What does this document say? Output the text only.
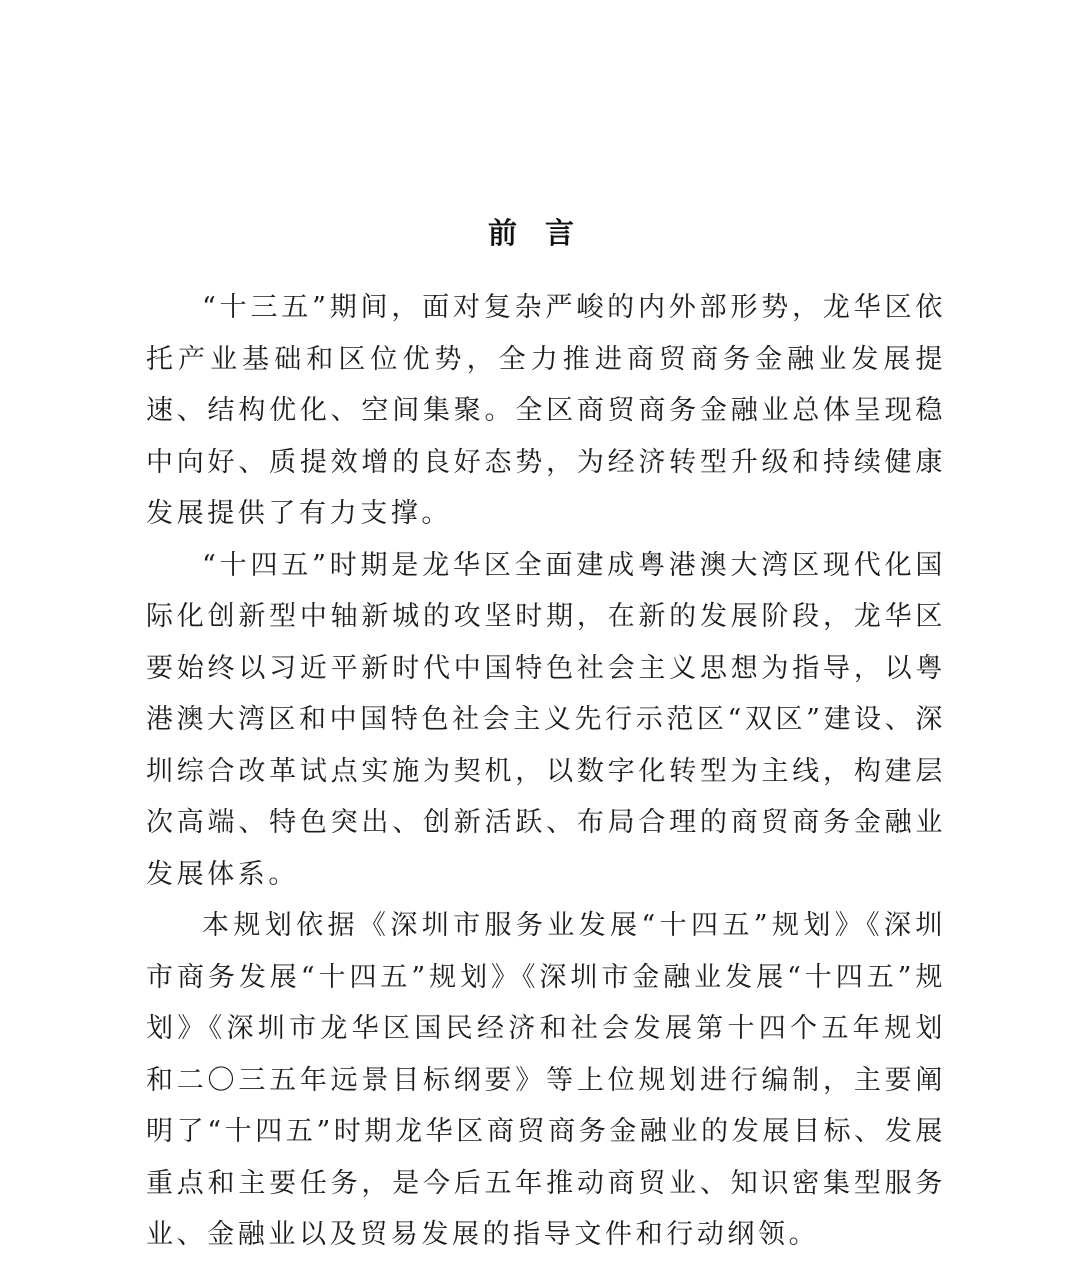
前言

“十三五”期间，面对复杂严峻的内外部形势，龙华区依托产业基础和区位优势，全力推进商贸商务金融业发展提速、结构优化、空间集聚。全区商贸商务金融业总体呈现稳中向好、质提效增的良好态势，为经济转型升级和持续健康发展提供了有力支撑。

“十四五”时期是龙华区全面建成粤港澳大湾区现代化国际化创新型中轴新城的攻坚时期，在新的发展阶段，龙华区要始终以习近平新时代中国特色社会主义思想为指导，以粤港澳大湾区和中国特色社会主义先行示范区“双区”建设、深圳综合改革试点实施为契机，以数字化转型为主线，构建层次高端、特色突出、创新活跃、布局合理的商贸商务金融业发展体系。

本规划依据《深圳市服务业发展“十四五”规划》《深圳市商务发展“十四五”规划》《深圳市金融业发展“十四五”规划》《深圳市龙华区国民经济和社会发展第十四个五年规划和二〇三五年远景目标纲要》等上位规划进行编制，主要阐明了“十四五”时期龙华区商贸商务金融业的发展目标、发展重点和主要任务，是今后五年推动商贸业、知识密集型服务业、金融业以及贸易发展的指导文件和行动纲领。
